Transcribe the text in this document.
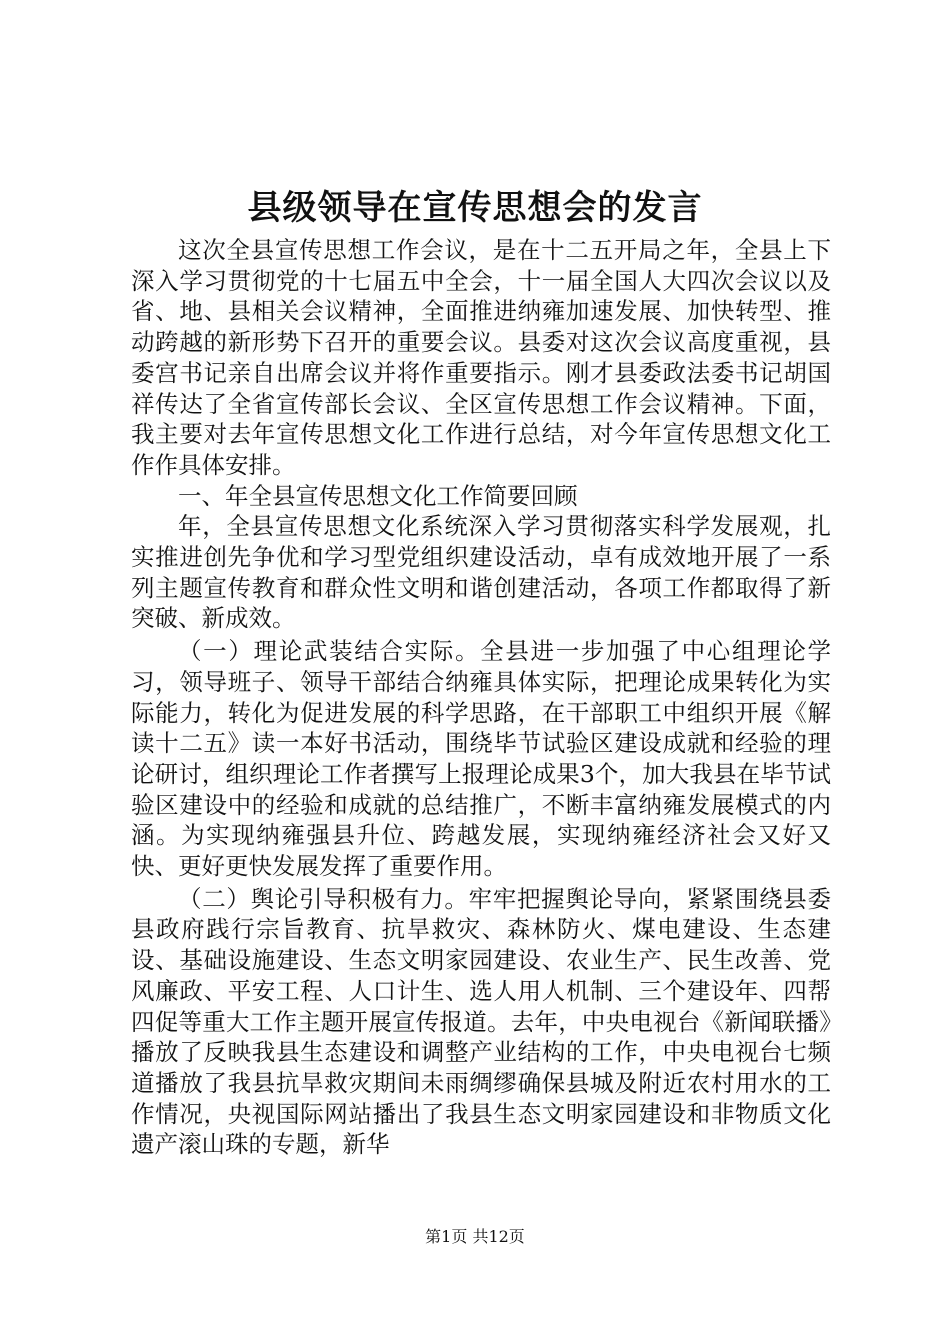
县级领导在宣传思想会的发言

这次全县宣传思想工作会议，是在十二五开局之年，全县上下深入学习贯彻党的十七届五中全会，十一届全国人大四次会议以及省、地、县相关会议精神，全面推进纳雍加速发展、加快转型、推动跨越的新形势下召开的重要会议。县委对这次会议高度重视，县委宫书记亲自出席会议并将作重要指示。刚才县委政法委书记胡国祥传达了全省宣传部长会议、全区宣传思想工作会议精神。下面，我主要对去年宣传思想文化工作进行总结，对今年宣传思想文化工作作具体安排。

一、年全县宣传思想文化工作简要回顾

年，全县宣传思想文化系统深入学习贯彻落实科学发展观，扎实推进创先争优和学习型党组织建设活动，卓有成效地开展了一系列主题宣传教育和群众性文明和谐创建活动，各项工作都取得了新突破、新成效。

（一）理论武装结合实际。全县进一步加强了中心组理论学习，领导班子、领导干部结合纳雍具体实际，把理论成果转化为实际能力，转化为促进发展的科学思路，在干部职工中组织开展《解读十二五》读一本好书活动，围绕毕节试验区建设成就和经验的理论研讨，组织理论工作者撰写上报理论成果3个，加大我县在毕节试验区建设中的经验和成就的总结推广，不断丰富纳雍发展模式的内涵。为实现纳雍强县升位、跨越发展，实现纳雍经济社会又好又快、更好更快发展发挥了重要作用。

（二）舆论引导积极有力。牢牢把握舆论导向，紧紧围绕县委县政府践行宗旨教育、抗旱救灾、森林防火、煤电建设、生态建设、基础设施建设、生态文明家园建设、农业生产、民生改善、党风廉政、平安工程、人口计生、选人用人机制、三个建设年、四帮四促等重大工作主题开展宣传报道。去年，中央电视台《新闻联播》播放了反映我县生态建设和调整产业结构的工作，中央电视台七频道播放了我县抗旱救灾期间未雨绸缪确保县城及附近农村用水的工作情况，央视国际网站播出了我县生态文明家园建设和非物质文化遗产滚山珠的专题，新华

第1页 共12页
